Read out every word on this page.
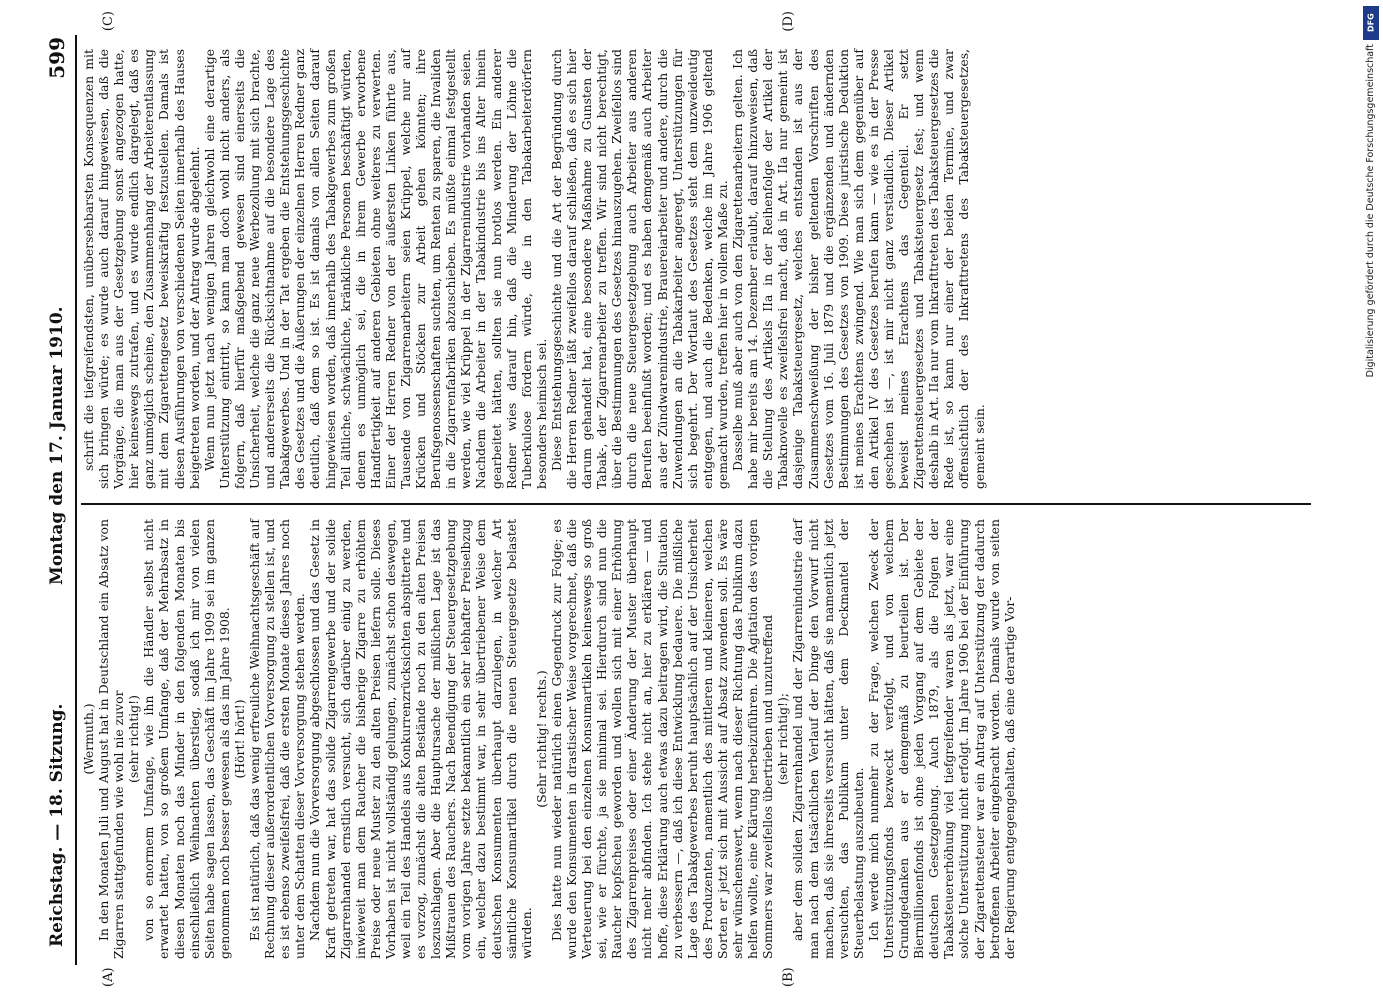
Reichstag. — 18. Sitzung.
Montag den 17. Januar 1910.
599
(A)	(B)
(C)	(D)

(Wermuth.) In den Monaten Juli und August hat in Deutschland ein Absatz von Zigarren stattgefunden wie wohl nie zuvor (sehr richtig!) von so enormem Umfange, wie ihn die Händler selbst nicht erwartet hatten, von so großem Umfange, daß der Mehrabsatz in diesen Monaten noch das Minder in den folgenden Monaten bis einschließlich Weihnachten überstieg, sodaß ich mir von vielen Seiten habe sagen lassen, das Geschäft im Jahre 1909 sei im ganzen genommen noch besser gewesen als das im Jahre 1908. (Hört! hört!) Es ist natürlich, daß das wenig erfreuliche Weihnachtsgeschäft auf Rechnung dieser außerordentlichen Vorversorgung zu stellen ist, und es ist ebenso zweifelsfrei, daß die ersten Monate dieses Jahres noch unter dem Schatten dieser Vorversorgung stehen werden. Nachdem nun die Vorversorgung abgeschlossen und das Gesetz in Kraft getreten war, hat das solide Zigarrengewerbe und der solide Zigarrenhandel ernstlich versucht, sich darüber einig zu werden, inwieweit man dem Raucher die bisherige Zigarre zu erhöhtem Preise oder neue Muster zu den alten Preisen liefern solle. Dieses Vorhaben ist nicht vollständig gelungen, zunächst schon deswegen, weil ein Teil des Handels aus Konkurrenzrücksichten abspitterte und es vorzog, zunächst die alten Bestände noch zu den alten Preisen loszuschlagen. Aber die Hauptursache der mißlichen Lage ist das Mißtrauen des Rauchers. Nach Beendigung der Steuergesetzgebung vom vorigen Jahre setzte bekanntlich ein sehr lebhafter Preiselbzug ein, welcher dazu bestimmt war, in sehr übertriebener Weise dem deutschen Konsumenten überhaupt darzulegen, in welcher Art sämtliche Konsumartikel durch die neuen Steuergesetze belastet würden.

(Sehr richtig! rechts.) Dies hatte nun wieder natürlich einen Gegendruck zur Folge; es wurde den Konsumenten in drastischer Weise vorgerechnet, daß die Verteuerung bei den einzelnen Konsumartikeln keineswegs so groß sei, wie er fürchte, ja sie minimal sei. Hierdurch sind nun die Raucher kopfscheu geworden und wollen sich mit einer Erhöhung des Zigarrenpreises oder einer Änderung der Muster überhaupt nicht mehr abfinden. Ich stehe nicht an, hier zu erklären — und hoffe, diese Erklärung auch etwas dazu beitragen wird, die Situation zu verbessern —, daß ich diese Entwicklung bedauere. Die mißliche Lage des Tabakgewerbes beruht hauptsächlich auf der Unsicherheit des Produzenten, namentlich des mittleren und kleineren, welchen Sorten er jetzt sich mit Aussicht auf Absatz zuwenden soll. Es wäre sehr wünschenswert, wenn nach dieser Richtung das Publikum dazu helfen wollte, eine Klärung herbeizuführen. Die Agitation des vorigen Sommers war zweifellos übertrieben und unzutreffend (sehr richtig!); aber dem soliden Zigarrenhandel und der Zigarrenindustrie darf man nach dem tatsächlichen Verlauf der Dinge den Vorwurf nicht machen, daß sie ihrerseits versucht hätten, daß sie namentlich jetzt versuchten, das Publikum unter dem Deckmantel der Steuerbelastung auszubeuten. Ich werde mich nunmehr zu der Frage, welchen Zweck der Unterstützungsfonds bezweckt verfolgt, und von welchem Grundgedanken aus er demgemäß zu beurteilen ist. Der Biermillionenfonds ist ohne jeden Vorgang auf dem Gebiete der deutschen Gesetzgebung. Auch 1879, als die Folgen der Tabaksteuererhöhung viel tiefgreifender waren als jetzt, war eine solche Unterstützung nicht erfolgt. Im Jahre 1906 bei der Einführung der Zigarettensteuer war ein Antrag auf Unterstützung der dadurch betroffenen Arbeiter eingebracht worden. Damals wurde von seiten der Regierung entgegengehalten, daß eine derartige Vor-

schrift die tiefgreifendsten, unübersehbarsten Konsequenzen mit sich bringen würde; es wurde auch darauf hingewiesen, daß die Vorgänge, die man aus der Gesetzgebung sonst angezogen hatte, hier keineswegs zutrafen, und es wurde endlich dargelegt, daß es ganz unmöglich scheine, den Zusammenhang der Arbeiterentlassung mit dem Zigarettengesetz beweiskräftig festzustellen. Damals ist diesen Ausführungen von verschiedenen Seiten innerhalb des Hauses beigetreten worden, und der Antrag wurde abgelehnt. Wenn nun jetzt nach wenigen Jahren gleichwohl eine derartige Unterstützung eintritt, so kann man doch wohl nicht anders, als folgern, daß hierfür maßgebend gewesen sind einerseits die Unsicherheit, welche die ganz neue Werbezollung mit sich brachte, und andererseits die Rücksichtnahme auf die besondere Lage des Tabakgewerbes. Und in der Tat ergeben die Entstehungsgeschichte des Gesetzes und die Äußerungen der einzelnen Herren Redner ganz deutlich, daß dem so ist. Es ist damals von allen Seiten darauf hingewiesen worden, daß innerhalb des Tabakgewerbes zum großen Teil ältliche, schwächliche, kränkliche Personen beschäftigt würden, denen es unmöglich sei, die in ihrem Gewerbe erworbene Handfertigkeit auf anderen Gebieten ohne weiteres zu verwerten. Einer der Herren Redner von der äußersten Linken führte aus, Tausende von Zigarrenarbeitern seien Krüppel, welche nur auf Krücken und Stöcken zur Arbeit gehen könnten; ihre Berufsgenossenschaften suchten, um Renten zu sparen, die Invaliden in die Zigarrenfabriken abzuschieben. Es müßte einmal festgestellt werden, wie viel Krüppel in der Zigarrenindustrie vorhanden seien. Nachdem die Arbeiter in der Tabakindustrie bis ins Alter hinein gearbeitet hätten, sollten sie nun brotlos werden. Ein anderer Redner wies darauf hin, daß die Minderung der Löhne die Tuberkulose fördern würde, die in den Tabakarbeiterdörfern besonders heimisch sei. Diese Entstehungsgeschichte und die Art der Begründung durch die Herren Redner läßt zweifellos darauf schließen, daß es sich hier darum gehandelt hat, eine besondere Maßnahme zu Gunsten der Tabak-, der Zigarrenarbeiter zu treffen. Wir sind nicht berechtigt, über die Bestimmungen des Gesetzes hinauszugehen. Zweifellos sind durch die neue Steuergesetzgebung auch Arbeiter aus anderen Berufen beeinflußt worden; und es haben demgemäß auch Arbeiter aus der Zündwarenindustrie, Brauereiarbeiter und andere, durch die Zuwendungen an die Tabakarbeiter angeregt, Unterstützungen für sich begehrt. Der Wortlaut des Gesetzes steht dem unzweideutig entgegen, und auch die Bedenken, welche im Jahre 1906 geltend gemacht wurden, treffen hier in vollem Maße zu. Dasselbe muß aber auch von den Zigarettenarbeitern gelten. Ich habe mir bereits am 14. Dezember erlaubt, darauf hinzuweisen, daß die Stellung des Artikels IIa in der Reihenfolge der Artikel der Tabaknovelle es zweifelsfrei macht, daß in Art. IIa nur gemeint ist dasjenige Tabaksteuergesetz, welches entstanden ist aus der Zusammenschweißung der bisher geltenden Vorschriften des Gesetzes vom 16. Juli 1879 und die ergänzenden und ändernden Bestimmungen des Gesetzes von 1909. Diese juristische Deduktion ist meines Erachtens zwingend. Wie man sich dem gegenüber auf den Artikel IV des Gesetzes berufen kann — wie es in der Presse geschehen ist —, ist mir nicht ganz verständlich. Dieser Artikel beweist meines Erachtens das Gegenteil. Er setzt Zigarettensteuergesetzes und Tabaksteuergesetz fest; und wenn deshalb in Art. IIa nur vom Inkrafttreten des Tabaksteuergesetzes die Rede ist, so kann nur einer der beiden Termine, und zwar offensichtlich der des Inkrafttretens des Tabaksteuergesetzes, gemeint sein.

DFG
Digitalisierung gefördert durch die Deutsche Forschungsgemeinschaft
